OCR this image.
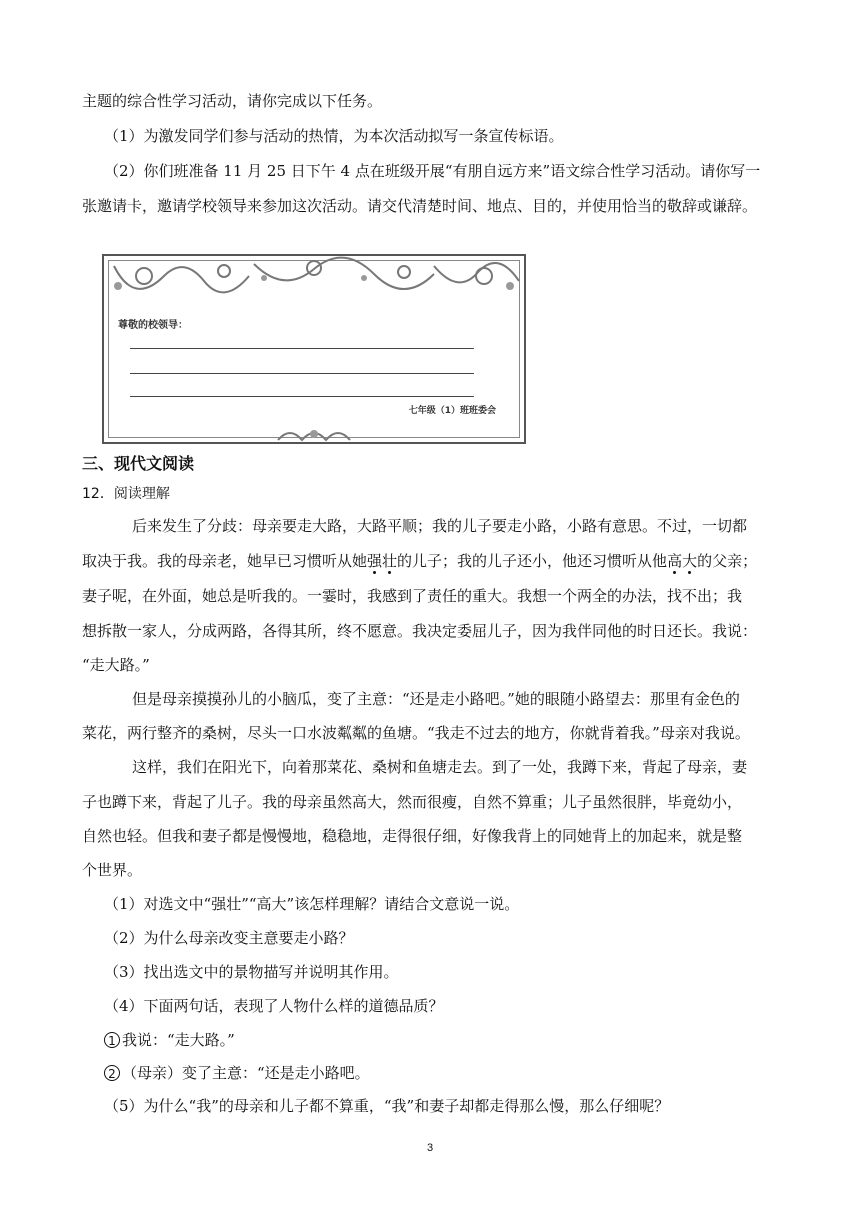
主题的综合性学习活动，请你完成以下任务。
（1）为激发同学们参与活动的热情，为本次活动拟写一条宣传标语。
（2）你们班准备 11 月 25 日下午 4 点在班级开展“有朋自远方来”语文综合性学习活动。请你写一
张邀请卡，邀请学校领导来参加这次活动。请交代清楚时间、地点、目的，并使用恰当的敬辞或谦辞。
尊敬的校领导：
七年级（1）班班委会
三、现代文阅读
12．阅读理解
后来发生了分歧：母亲要走大路，大路平顺；我的儿子要走小路，小路有意思。不过，一切都
取决于我。我的母亲老，她早已习惯听从她强壮的儿子；我的儿子还小，他还习惯听从他高大的父亲；
妻子呢，在外面，她总是听我的。一霎时，我感到了责任的重大。我想一个两全的办法，找不出；我
想拆散一家人，分成两路，各得其所，终不愿意。我决定委屈儿子，因为我伴同他的时日还长。我说：
“走大路。”
但是母亲摸摸孙儿的小脑瓜，变了主意：“还是走小路吧。”她的眼随小路望去：那里有金色的
菜花，两行整齐的桑树，尽头一口水波粼粼的鱼塘。“我走不过去的地方，你就背着我。”母亲对我说。
这样，我们在阳光下，向着那菜花、桑树和鱼塘走去。到了一处，我蹲下来，背起了母亲，妻
子也蹲下来，背起了儿子。我的母亲虽然高大，然而很瘦，自然不算重；儿子虽然很胖，毕竟幼小，
自然也轻。但我和妻子都是慢慢地，稳稳地，走得很仔细，好像我背上的同她背上的加起来，就是整
个世界。
（1）对选文中“强壮”“高大”该怎样理解？请结合文意说一说。
（2）为什么母亲改变主意要走小路？
（3）找出选文中的景物描写并说明其作用。
（4）下面两句话，表现了人物什么样的道德品质？
1 我说：“走大路。”
2 （母亲）变了主意：“还是走小路吧。
（5）为什么“我”的母亲和儿子都不算重，“我”和妻子却都走得那么慢，那么仔细呢？
3
